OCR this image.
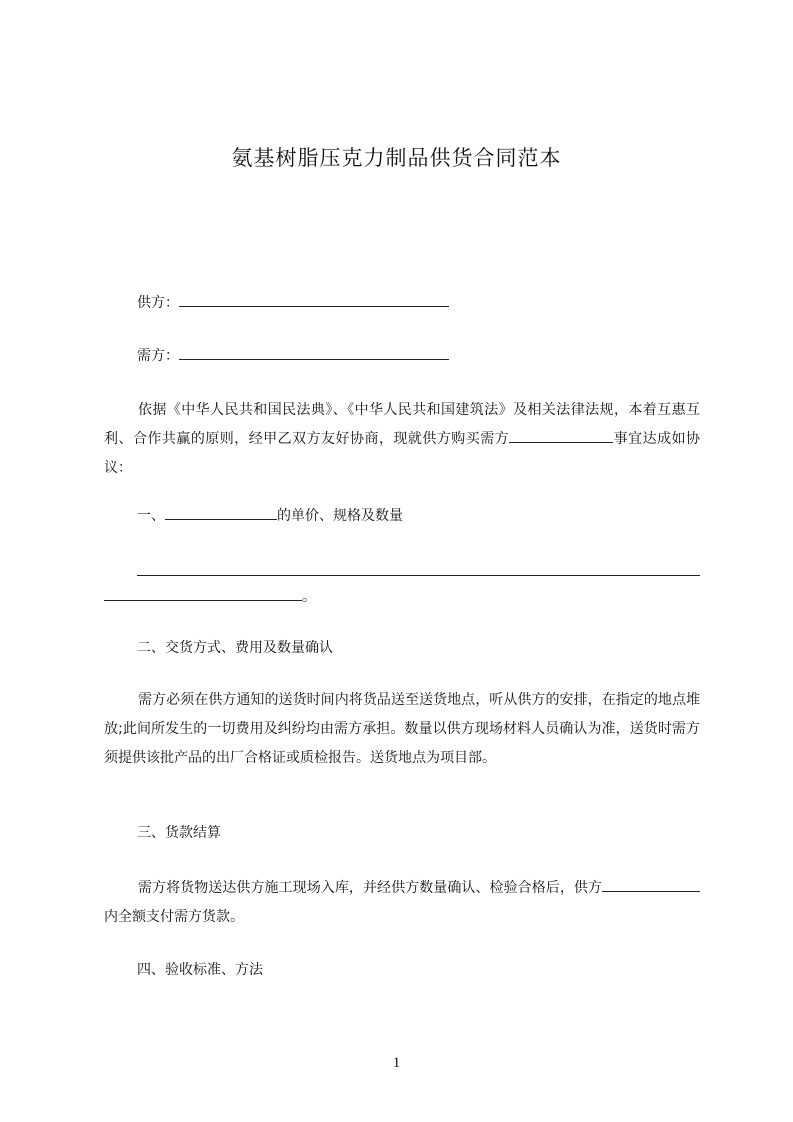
氨基树脂压克力制品供货合同范本
供方：
需方：
依据《中华人民共和国民法典》、《中华人民共和国建筑法》及相关法律法规，本着互惠互利、合作共赢的原则，经甲乙双方友好协商，现就供方购买需方	事宜达成如协议：
一、	的单价、规格及数量
。
二、交货方式、费用及数量确认
需方必须在供方通知的送货时间内将货品送至送货地点，听从供方的安排，在指定的地点堆放;此间所发生的一切费用及纠纷均由需方承担。数量以供方现场材料人员确认为准，送货时需方须提供该批产品的出厂合格证或质检报告。送货地点为项目部。
三、货款结算
需方将货物送达供方施工现场入库，并经供方数量确认、检验合格后，供方内全额支付需方货款。
四、验收标准、方法
1
